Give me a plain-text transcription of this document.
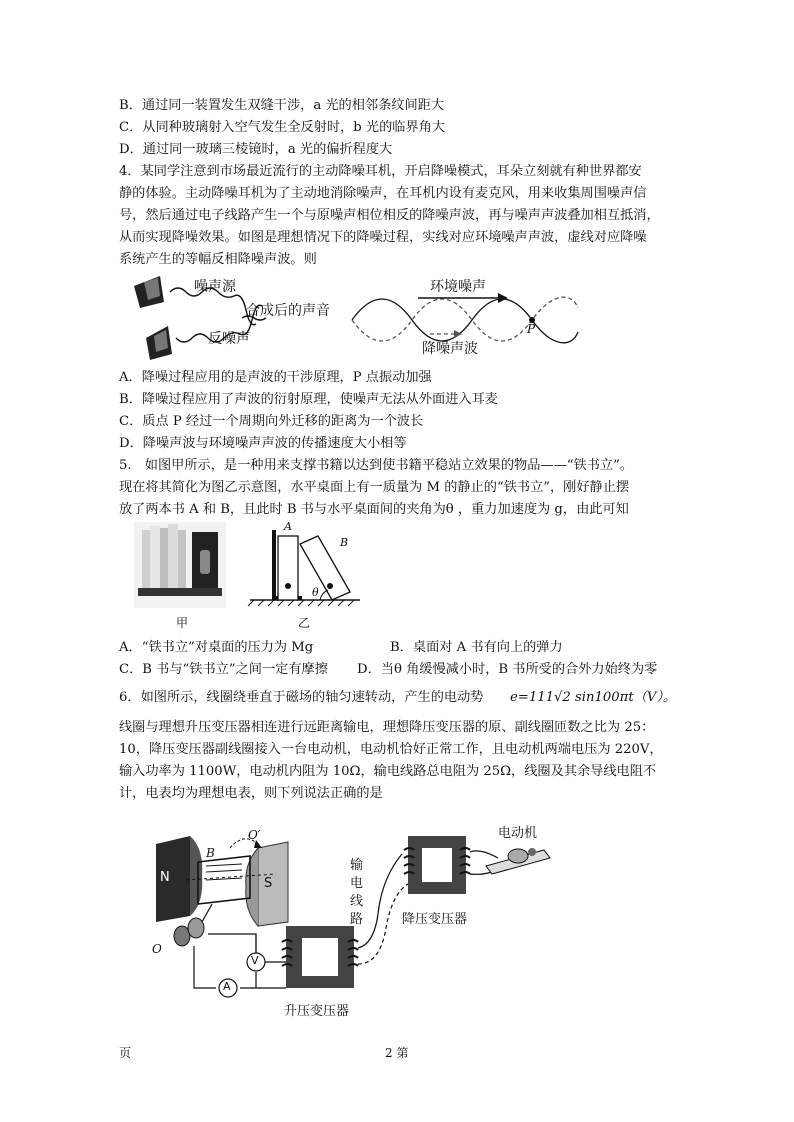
B．通过同一装置发生双缝干涉，a 光的相邻条纹间距大
C．从同种玻璃射入空气发生全反射时，b 光的临界角大
D．通过同一玻璃三棱镜时，a 光的偏折程度大
4．某同学注意到市场最近流行的主动降噪耳机，开启降噪模式，耳朵立刻就有种世界都安
静的体验。主动降噪耳机为了主动地消除噪声，在耳机内设有麦克风，用来收集周围噪声信
号，然后通过电子线路产生一个与原噪声相位相反的降噪声波，再与噪声声波叠加相互抵消，
从而实现降噪效果。如图是理想情况下的降噪过程，实线对应环境噪声声波，虚线对应降噪
系统产生的等幅反相降噪声波。则
噪声源
合成后的声音
反噪声
环境噪声
降噪声波
P
A．降噪过程应用的是声波的干涉原理，P 点振动加强
B．降噪过程应用了声波的衍射原理，使噪声无法从外面进入耳麦
C．质点 P 经过一个周期向外迁移的距离为一个波长
D．降噪声波与环境噪声声波的传播速度大小相等
5.　如图甲所示，是一种用来支撑书籍以达到使书籍平稳站立效果的物品——“铁书立”。
现在将其简化为图乙示意图，水平桌面上有一质量为 M 的静止的“铁书立”，刚好静止摆
放了两本书 A 和 B，且此时 B 书与水平桌面间的夹角为θ ，重力加速度为 g，由此可知
甲
A
B
θ
乙
A．“铁书立”对桌面的压力为 Mg	B．桌面对 A 书有向上的弹力
C．B 书与“铁书立”之间一定有摩擦 D．当θ 角缓慢减小时，B 书所受的合外力始终为零
6．如图所示，线圈绕垂直于磁场的轴匀速转动，产生的电动势 e=111√2 sin100πt（V）。
线圈与理想升压变压器相连进行远距离输电，理想降压变压器的原、副线圈匝数之比为 25：
10，降压变压器副线圈接入一台电动机，电动机恰好正常工作，且电动机两端电压为 220V，
输入功率为 1100W，电动机内阻为 10Ω，输电线路总电阻为 25Ω，线圈及其余导线电阻不
计，电表均为理想电表，则下列说法正确的是
电动机
输
电
线
路	降压变压器
升压变压器
N	S
B
O′
O
V
A
页	2 第
